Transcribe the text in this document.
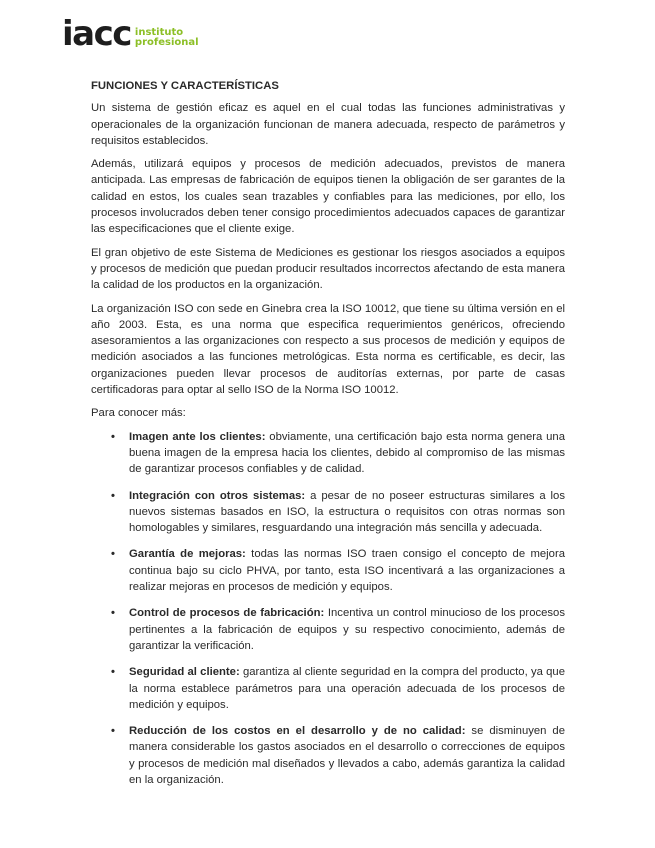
iacc instituto
profesional
FUNCIONES Y CARACTERÍSTICAS

Un sistema de gestión eficaz es aquel en el cual todas las funciones administrativas y operacionales de la organización funcionan de manera adecuada, respecto de parámetros y requisitos establecidos.

Además, utilizará equipos y procesos de medición adecuados, previstos de manera anticipada. Las empresas de fabricación de equipos tienen la obligación de ser garantes de la calidad en estos, los cuales sean trazables y confiables para las mediciones, por ello, los procesos involucrados deben tener consigo procedimientos adecuados capaces de garantizar las especificaciones que el cliente exige.

El gran objetivo de este Sistema de Mediciones es gestionar los riesgos asociados a equipos y procesos de medición que puedan producir resultados incorrectos afectando de esta manera la calidad de los productos en la organización.

La organización ISO con sede en Ginebra crea la ISO 10012, que tiene su última versión en el año 2003. Esta, es una norma que especifica requerimientos genéricos, ofreciendo asesoramientos a las organizaciones con respecto a sus procesos de medición y equipos de medición asociados a las funciones metrológicas. Esta norma es certificable, es decir, las organizaciones pueden llevar procesos de auditorías externas, por parte de casas certificadoras para optar al sello ISO de la Norma ISO 10012.

Para conocer más:

• Imagen ante los clientes: obviamente, una certificación bajo esta norma genera una buena imagen de la empresa hacia los clientes, debido al compromiso de las mismas de garantizar procesos confiables y de calidad.
• Integración con otros sistemas: a pesar de no poseer estructuras similares a los nuevos sistemas basados en ISO, la estructura o requisitos con otras normas son homologables y similares, resguardando una integración más sencilla y adecuada.
• Garantía de mejoras: todas las normas ISO traen consigo el concepto de mejora continua bajo su ciclo PHVA, por tanto, esta ISO incentivará a las organizaciones a realizar mejoras en procesos de medición y equipos.
• Control de procesos de fabricación: Incentiva un control minucioso de los procesos pertinentes a la fabricación de equipos y su respectivo conocimiento, además de garantizar la verificación.
• Seguridad al cliente: garantiza al cliente seguridad en la compra del producto, ya que la norma establece parámetros para una operación adecuada de los procesos de medición y equipos.
• Reducción de los costos en el desarrollo y de no calidad: se disminuyen de manera considerable los gastos asociados en el desarrollo o correcciones de equipos y procesos de medición mal diseñados y llevados a cabo, además garantiza la calidad en la organización.
